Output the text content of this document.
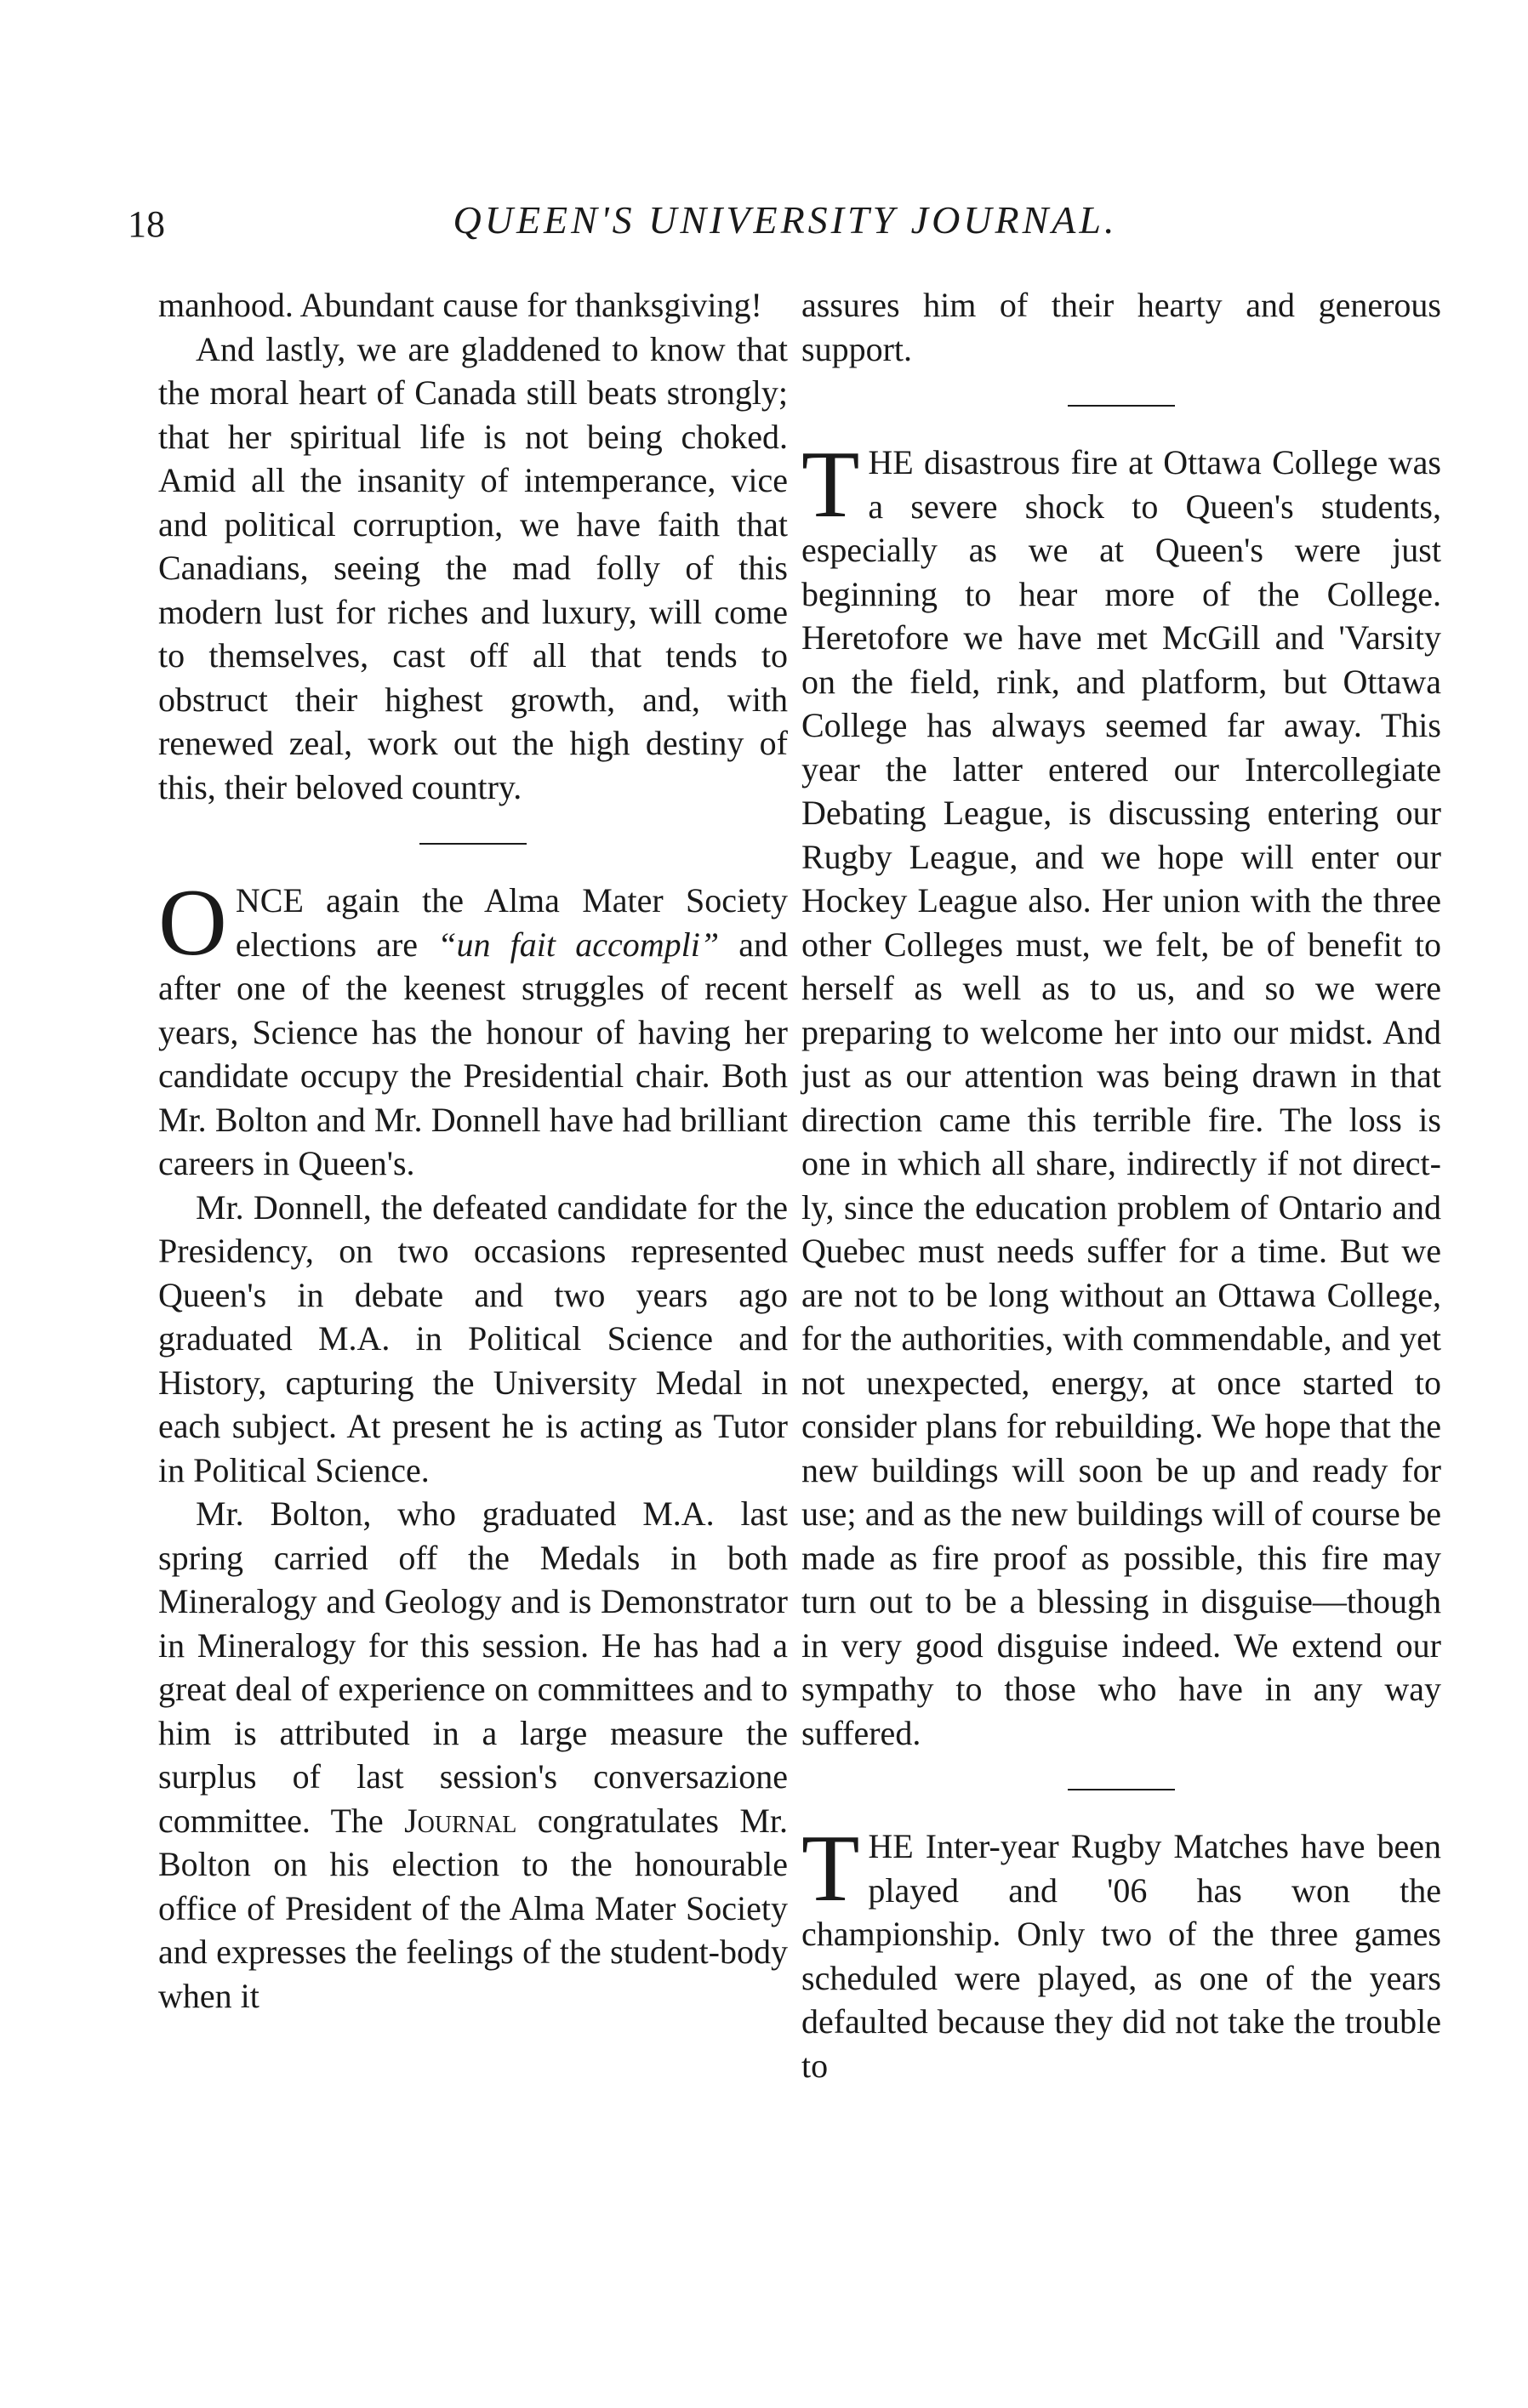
18	QUEEN'S UNIVERSITY JOURNAL.

manhood. Abundant cause for thanksgiving!

And lastly, we are gladdened to know that the moral heart of Canada still beats strongly; that her spiritual life is not being choked. Amid all the insanity of intemperance, vice and political corruption, we have faith that Canadians, seeing the mad folly of this modern lust for riches and luxury, will come to themselves, cast off all that tends to obstruct their highest growth, and, with renewed zeal, work out the high destiny of this, their beloved country.

ONCE again the Alma Mater Society elections are “un fait accompli” and after one of the keenest struggles of recent years, Science has the honour of having her candidate occupy the Presidential chair. Both Mr. Bolton and Mr. Donnell have had brilliant careers in Queen's.

Mr. Donnell, the defeated candidate for the Presidency, on two occasions represented Queen's in debate and two years ago graduated M.A. in Political Science and History, capturing the University Medal in each subject. At present he is acting as Tutor in Political Science.

Mr. Bolton, who graduated M.A. last spring carried off the Medals in both Mineralogy and Geology and is Demonstrator in Mineralogy for this session. He has had a great deal of experience on committees and to him is attributed in a large measure the surplus of last session's conversazione committee. The Journal congratulates Mr. Bolton on his election to the honourable office of President of the Alma Mater Society and expresses the feelings of the student-body when it

assures him of their hearty and generous support.

THE disastrous fire at Ottawa College was a severe shock to Queen's students, especially as we at Queen's were just beginning to hear more of the College. Heretofore we have met McGill and 'Varsity on the field, rink, and platform, but Ottawa College has always seemed far away. This year the latter entered our Intercollegiate Debating League, is discussing entering our Rugby League, and we hope will enter our Hockey League also. Her union with the three other Colleges must, we felt, be of benefit to herself as well as to us, and so we were preparing to welcome her into our midst. And just as our attention was being drawn in that direction came this terrible fire. The loss is one in which all share, indirectly if not directly, since the education problem of Ontario and Quebec must needs suffer for a time. But we are not to be long without an Ottawa College, for the authorities, with commendable, and yet not unexpected, energy, at once started to consider plans for rebuilding. We hope that the new buildings will soon be up and ready for use; and as the new buildings will of course be made as fire proof as possible, this fire may turn out to be a blessing in disguise—though in very good disguise indeed. We extend our sympathy to those who have in any way suffered.

THE Inter-year Rugby Matches have been played and '06 has won the championship. Only two of the three games scheduled were played, as one of the years defaulted because they did not take the trouble to
